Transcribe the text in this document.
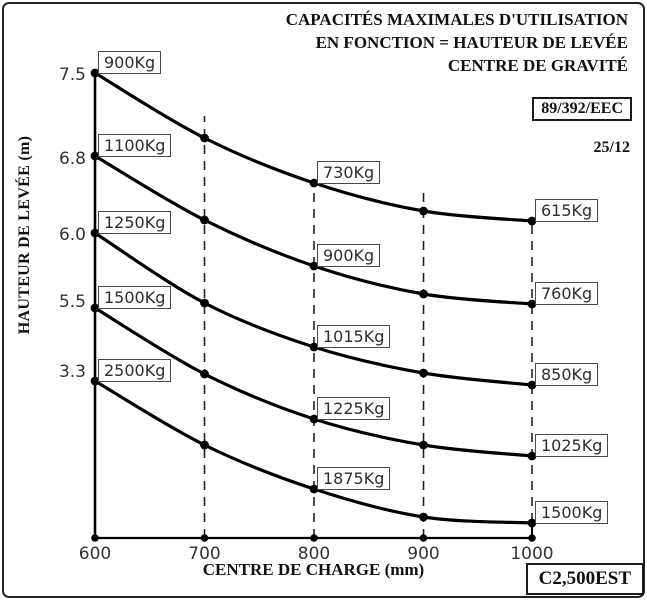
CAPACITÉS MAXIMALES D'UTILISATION
EN FONCTION = HAUTEUR DE LEVÉE
CENTRE DE GRAVITÉ
89/392/EEC
25/12
C2,500EST
HAUTEUR DE LEVÉE (m)
CENTRE DE CHARGE (mm)
600	700	800	900	1000
7.5
6.8
6.0
5.5
3.3
900Kg
730Kg
615Kg
1100Kg
900Kg
760Kg
1250Kg
1015Kg
850Kg
1500Kg
1225Kg
1025Kg
2500Kg
1875Kg
1500Kg
